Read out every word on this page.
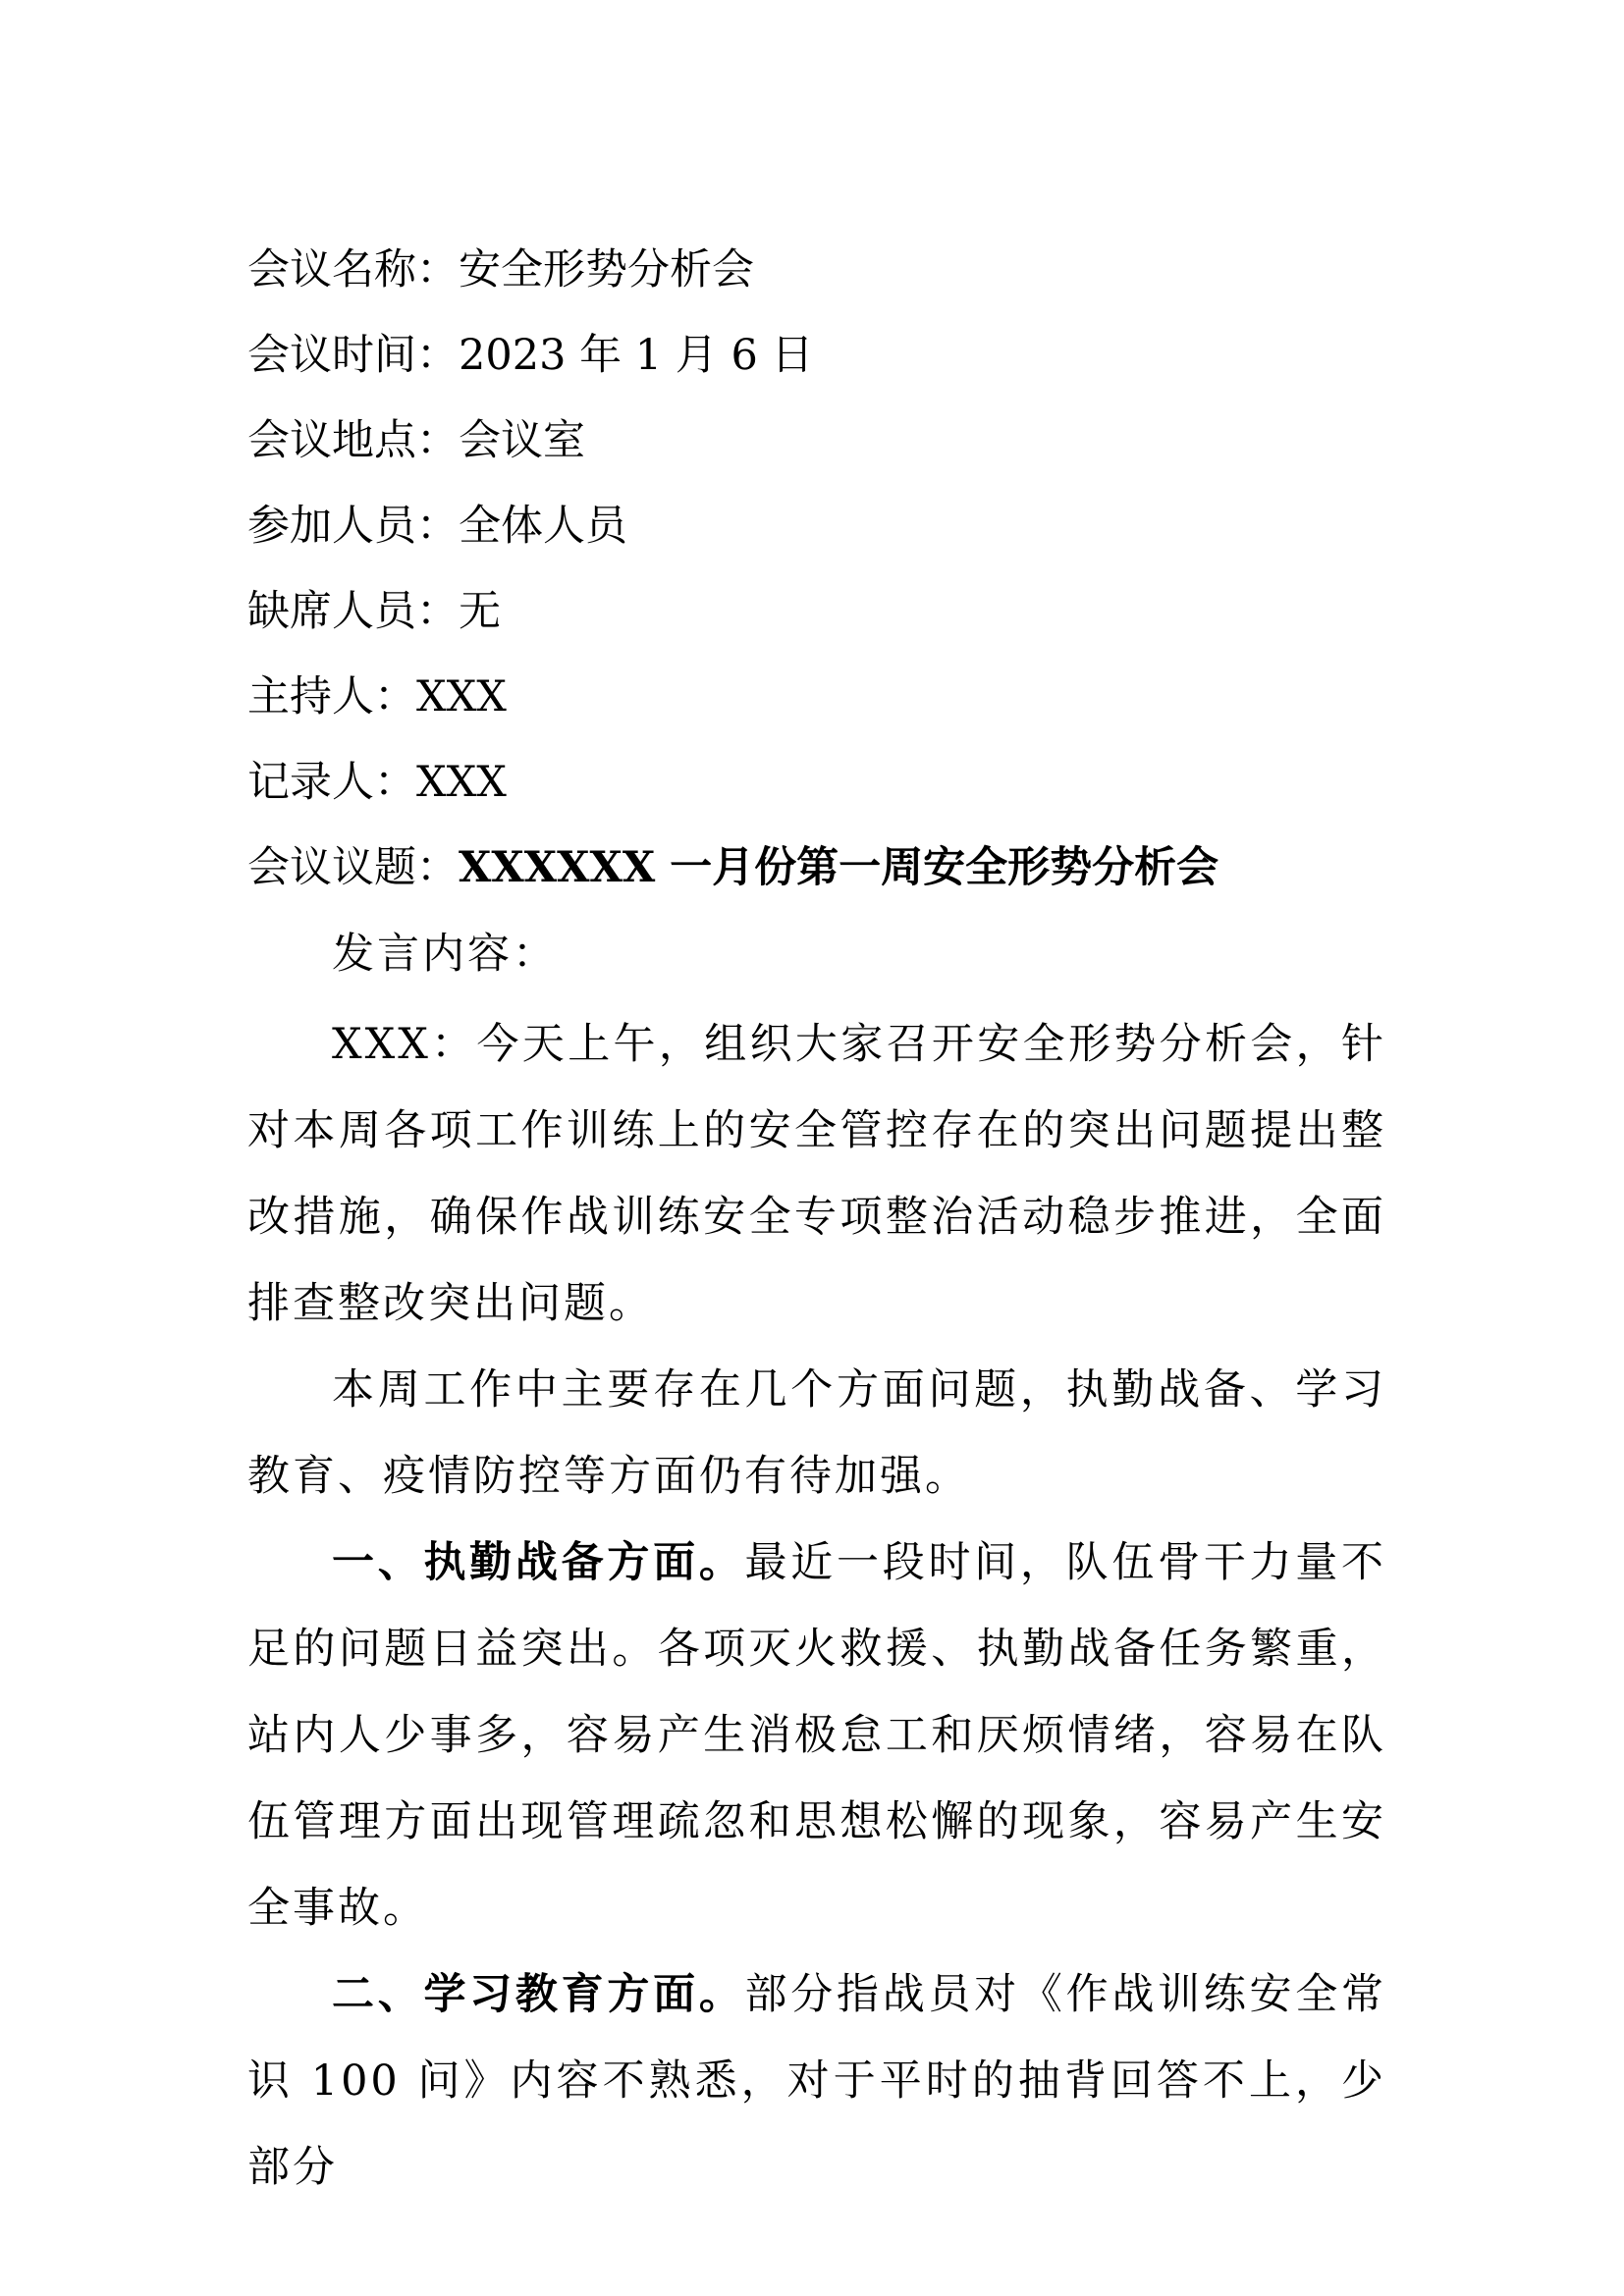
会议名称：安全形势分析会
会议时间：2023 年 1 月 6 日
会议地点：会议室
参加人员：全体人员
缺席人员：无
主持人：XXX
记录人：XXX
会议议题：XXXXXX 一月份第一周安全形势分析会

发言内容：

XXX：今天上午，组织大家召开安全形势分析会，针对本周各项工作训练上的安全管控存在的突出问题提出整改措施，确保作战训练安全专项整治活动稳步推进，全面排查整改突出问题。

本周工作中主要存在几个方面问题，执勤战备、学习教育、疫情防控等方面仍有待加强。

一、执勤战备方面。最近一段时间，队伍骨干力量不足的问题日益突出。各项灭火救援、执勤战备任务繁重，站内人少事多，容易产生消极怠工和厌烦情绪，容易在队伍管理方面出现管理疏忽和思想松懈的现象，容易产生安全事故。

二、学习教育方面。部分指战员对《作战训练安全常识 100 问》内容不熟悉，对于平时的抽背回答不上，少部分
